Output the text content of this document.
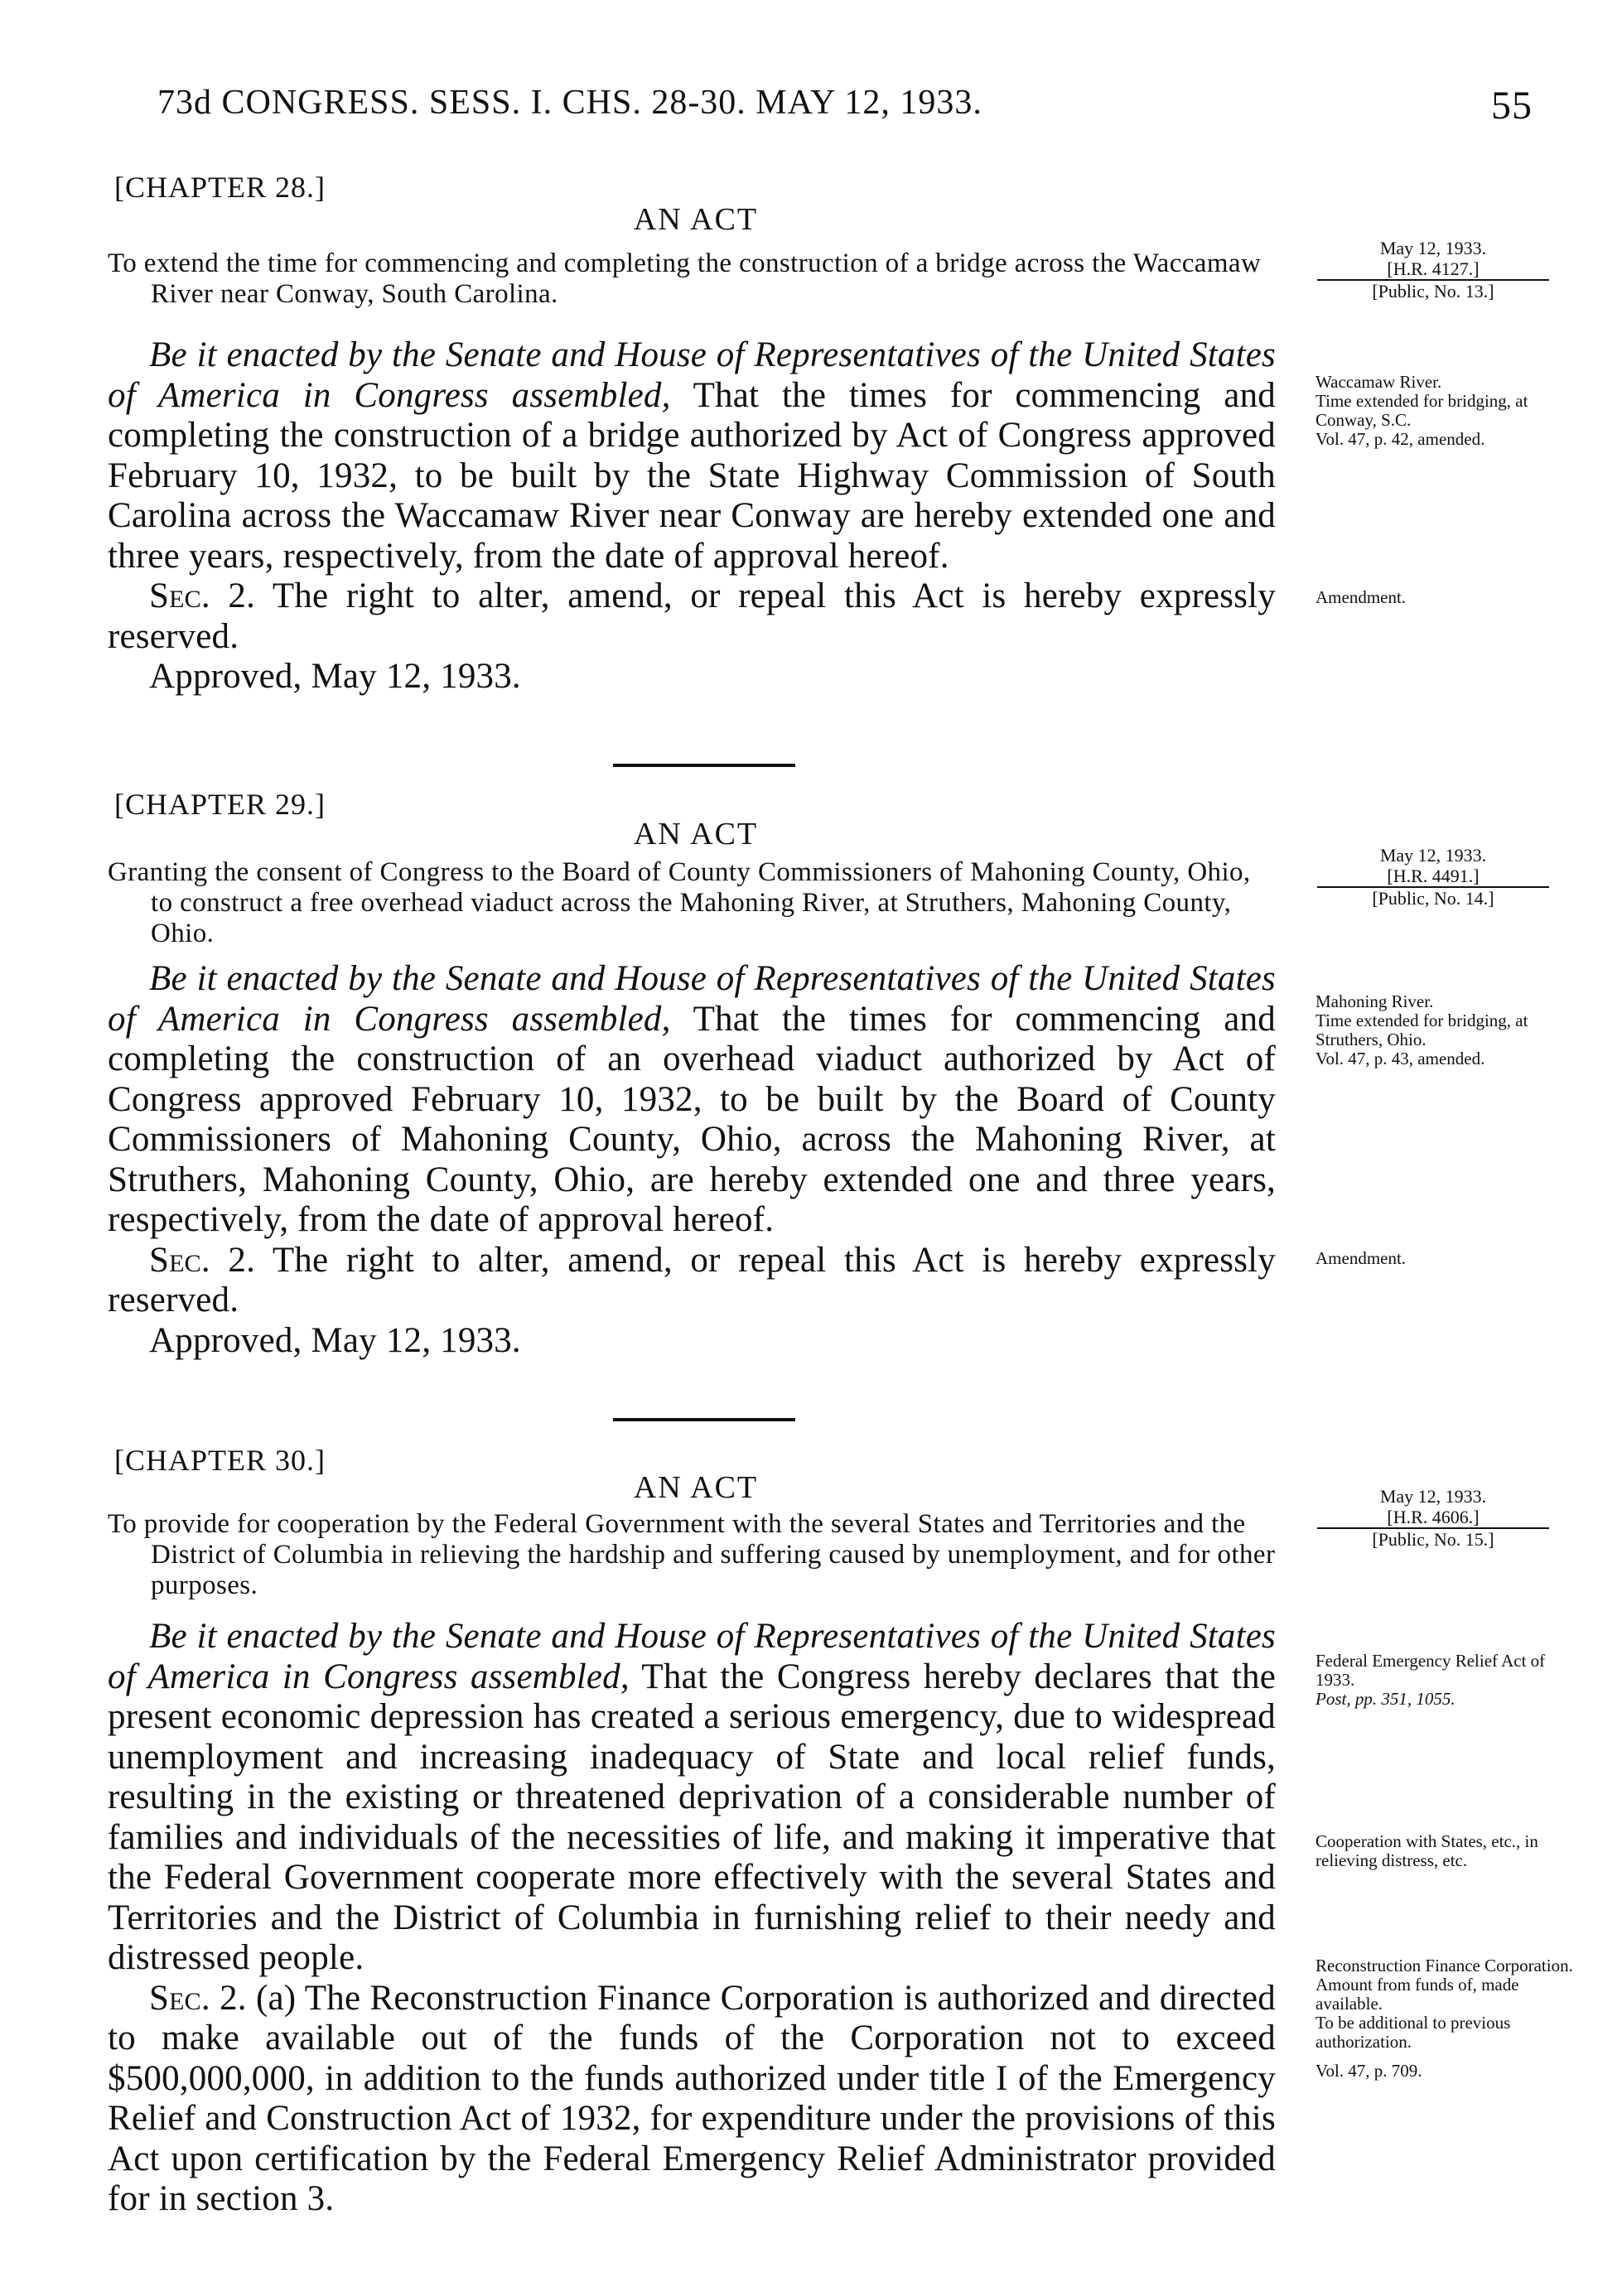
73d CONGRESS. SESS. I. CHS. 28-30. MAY 12, 1933.	55
[CHAPTER 28.]
AN ACT
To extend the time for commencing and completing the construction of a bridge across the Waccamaw River near Conway, South Carolina.
May 12, 1933.
[H.R. 4127.]
[Public, No. 13.]

Be it enacted by the Senate and House of Representatives of the United States of America in Congress assembled, That the times for commencing and completing the construction of a bridge authorized by Act of Congress approved February 10, 1932, to be built by the State Highway Commission of South Carolina across the Waccamaw River near Conway are hereby extended one and three years, respectively, from the date of approval hereof.

Sec. 2. The right to alter, amend, or repeal this Act is hereby expressly reserved.

Approved, May 12, 1933.

Waccamaw River.
Time extended for bridging, at Conway, S.C.
Vol. 47, p. 42, amended.
Amendment.
[CHAPTER 29.]
AN ACT
Granting the consent of Congress to the Board of County Commissioners of Mahoning County, Ohio, to construct a free overhead viaduct across the Mahoning River, at Struthers, Mahoning County, Ohio.
May 12, 1933.
[H.R. 4491.]
[Public, No. 14.]

Be it enacted by the Senate and House of Representatives of the United States of America in Congress assembled, That the times for commencing and completing the construction of an overhead viaduct authorized by Act of Congress approved February 10, 1932, to be built by the Board of County Commissioners of Mahoning County, Ohio, across the Mahoning River, at Struthers, Mahoning County, Ohio, are hereby extended one and three years, respectively, from the date of approval hereof.

Sec. 2. The right to alter, amend, or repeal this Act is hereby expressly reserved.

Approved, May 12, 1933.

Mahoning River.
Time extended for bridging, at Struthers, Ohio.
Vol. 47, p. 43, amended.
Amendment.
[CHAPTER 30.]
AN ACT
To provide for cooperation by the Federal Government with the several States and Territories and the District of Columbia in relieving the hardship and suffering caused by unemployment, and for other purposes.
May 12, 1933.
[H.R. 4606.]
[Public, No. 15.]

Be it enacted by the Senate and House of Representatives of the United States of America in Congress assembled, That the Congress hereby declares that the present economic depression has created a serious emergency, due to widespread unemployment and increasing inadequacy of State and local relief funds, resulting in the existing or threatened deprivation of a considerable number of families and individuals of the necessities of life, and making it imperative that the Federal Government cooperate more effectively with the several States and Territories and the District of Columbia in furnishing relief to their needy and distressed people.

Sec. 2. (a) The Reconstruction Finance Corporation is authorized and directed to make available out of the funds of the Corporation not to exceed $500,000,000, in addition to the funds authorized under title I of the Emergency Relief and Construction Act of 1932, for expenditure under the provisions of this Act upon certification by the Federal Emergency Relief Administrator provided for in section 3.

Federal Emergency Relief Act of 1933.
Post, pp. 351, 1055.
Cooperation with States, etc., in relieving distress, etc.
Reconstruction Finance Corporation.
Amount from funds of, made available.
To be additional to previous authorization.
Vol. 47, p. 709.
